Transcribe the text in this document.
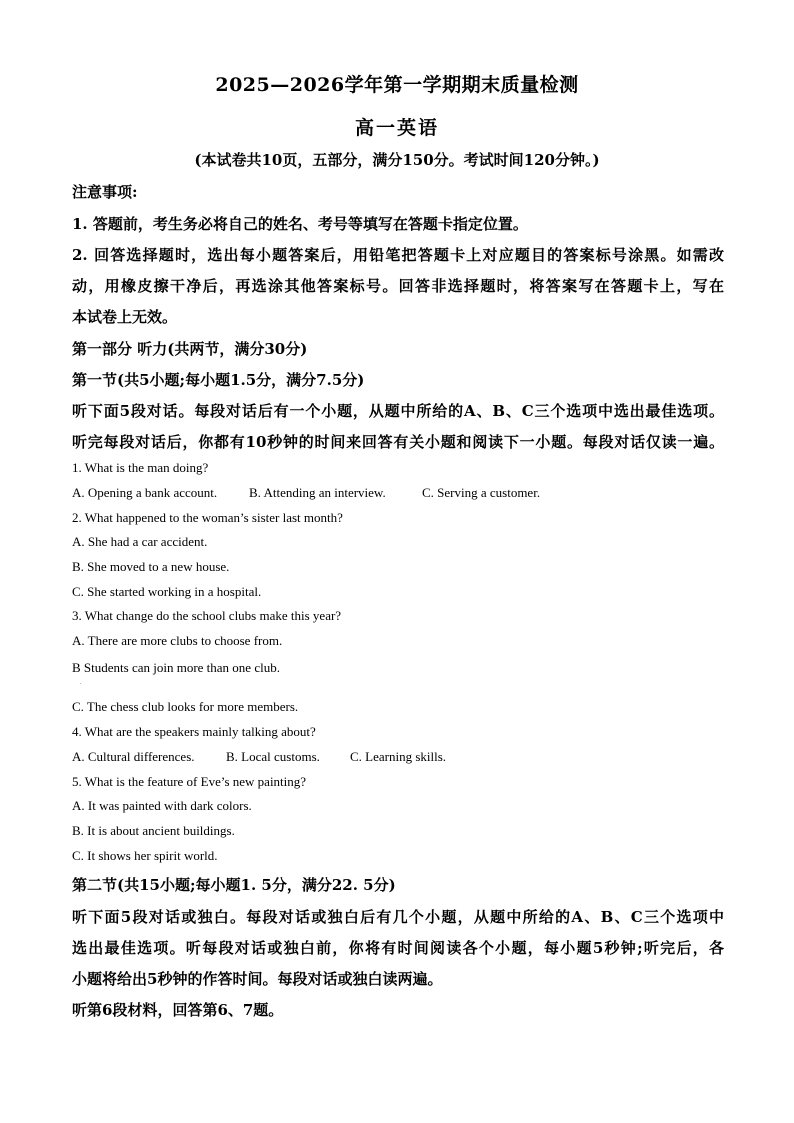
2025—2026学年第一学期期末质量检测
高一英语
(本试卷共10页，五部分，满分150分。考试时间120分钟。)
注意事项:
1. 答题前，考生务必将自己的姓名、考号等填写在答题卡指定位置。
2. 回答选择题时，选出每小题答案后，用铅笔把答题卡上对应题目的答案标号涂黑。如需改
动，用橡皮擦干净后，再选涂其他答案标号。回答非选择题时，将答案写在答题卡上，写在
本试卷上无效。
第一部分 听力(共两节，满分30分)
第一节(共5小题;每小题1.5分，满分7.5分)
听下面5段对话。每段对话后有一个小题，从题中所给的A、B、C三个选项中选出最佳选项。
听完每段对话后，你都有10秒钟的时间来回答有关小题和阅读下一小题。每段对话仅读一遍。
1. What is the man doing?
A. Opening a bank account. B. Attending an interview.	C. Serving a customer.
2. What happened to the woman’s sister last month?
A. She had a car accident.
B. She moved to a new house.
C. She started working in a hospital.
3. What change do the school clubs make this year?
A. There are more clubs to choose from.
B Students can join more than one club.
.
C. The chess club looks for more members.
4. What are the speakers mainly talking about?
A. Cultural differences. B. Local customs. C. Learning skills.
5. What is the feature of Eve’s new painting?
A. It was painted with dark colors.
B. It is about ancient buildings.
C. It shows her spirit world.
第二节(共15小题;每小题1. 5分，满分22. 5分)
听下面5段对话或独白。每段对话或独白后有几个小题，从题中所给的A、B、C三个选项中
选出最佳选项。听每段对话或独白前，你将有时间阅读各个小题，每小题5秒钟;听完后，各
小题将给出5秒钟的作答时间。每段对话或独白读两遍。
听第6段材料，回答第6、7题。
